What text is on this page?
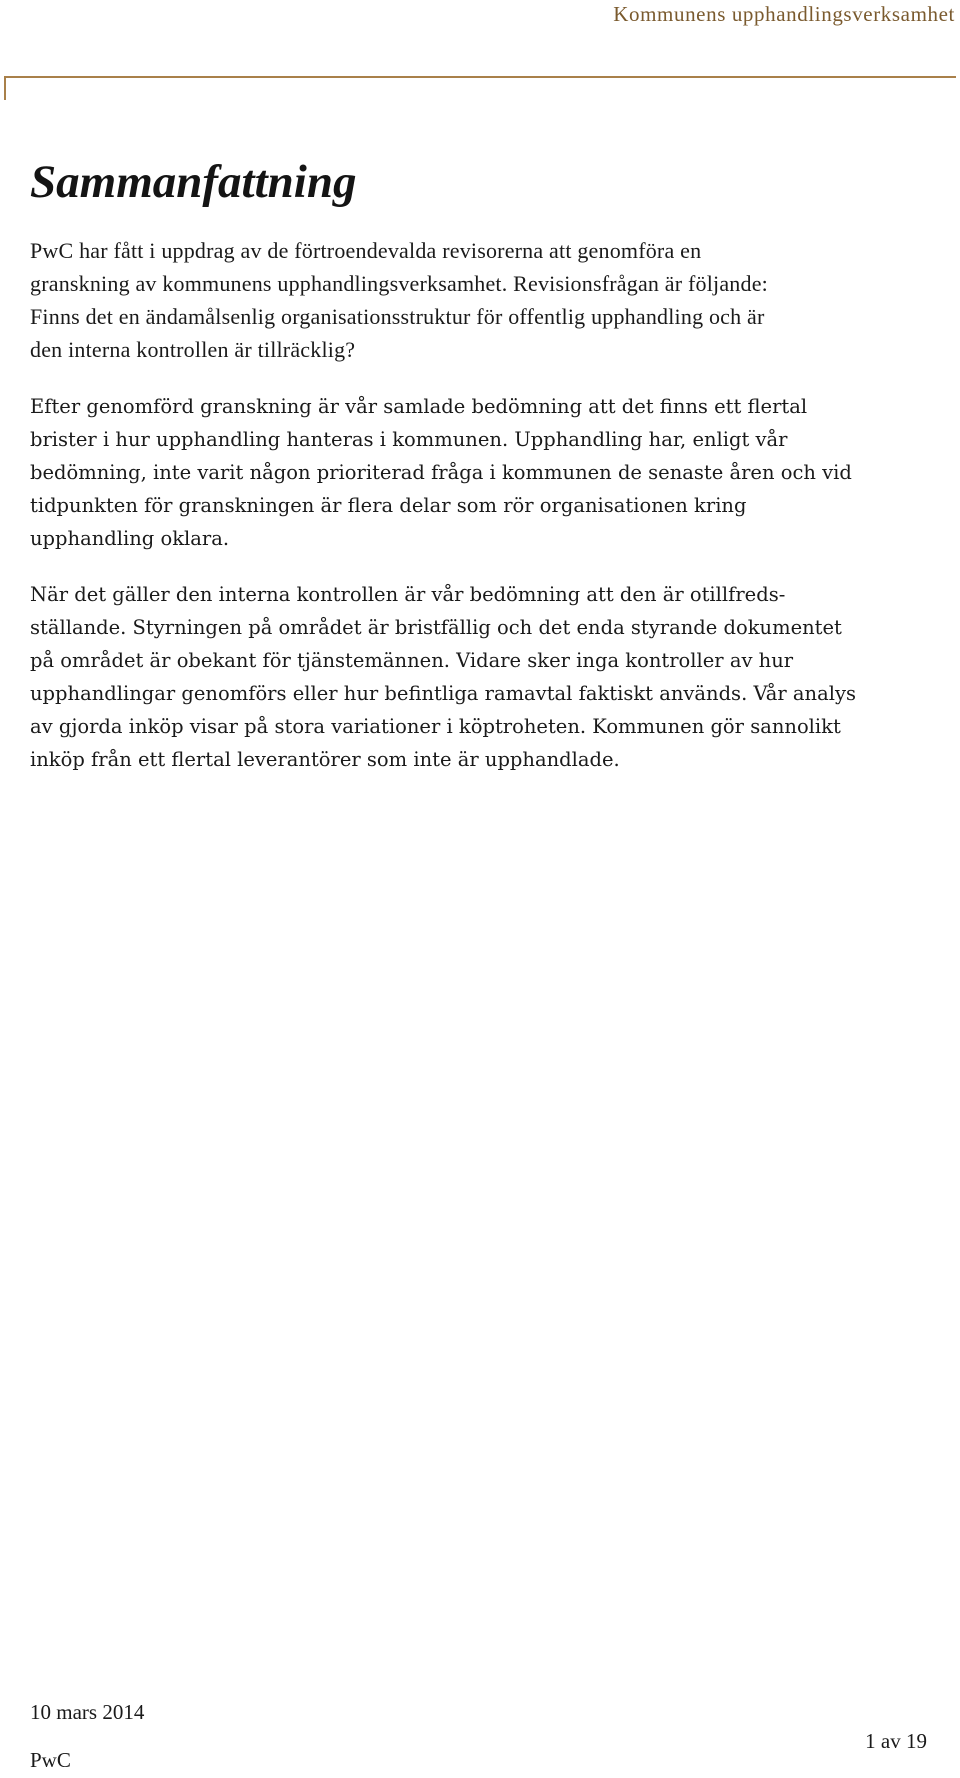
Kommunens upphandlingsverksamhet
Sammanfattning

PwC har fått i uppdrag av de förtroendevalda revisorerna att genomföra en
granskning av kommunens upphandlingsverksamhet. Revisionsfrågan är följande:
Finns det en ändamålsenlig organisationsstruktur för offentlig upphandling och är
den interna kontrollen är tillräcklig?

Efter genomförd granskning är vår samlade bedömning att det finns ett flertal
brister i hur upphandling hanteras i kommunen. Upphandling har, enligt vår
bedömning, inte varit någon prioriterad fråga i kommunen de senaste åren och vid
tidpunkten för granskningen är flera delar som rör organisationen kring
upphandling oklara.

När det gäller den interna kontrollen är vår bedömning att den är otillfreds-
ställande. Styrningen på området är bristfällig och det enda styrande dokumentet
på området är obekant för tjänstemännen. Vidare sker inga kontroller av hur
upphandlingar genomförs eller hur befintliga ramavtal faktiskt används. Vår analys
av gjorda inköp visar på stora variationer i köptroheten. Kommunen gör sannolikt
inköp från ett flertal leverantörer som inte är upphandlade.

10 mars 2014
1 av 19
PwC
